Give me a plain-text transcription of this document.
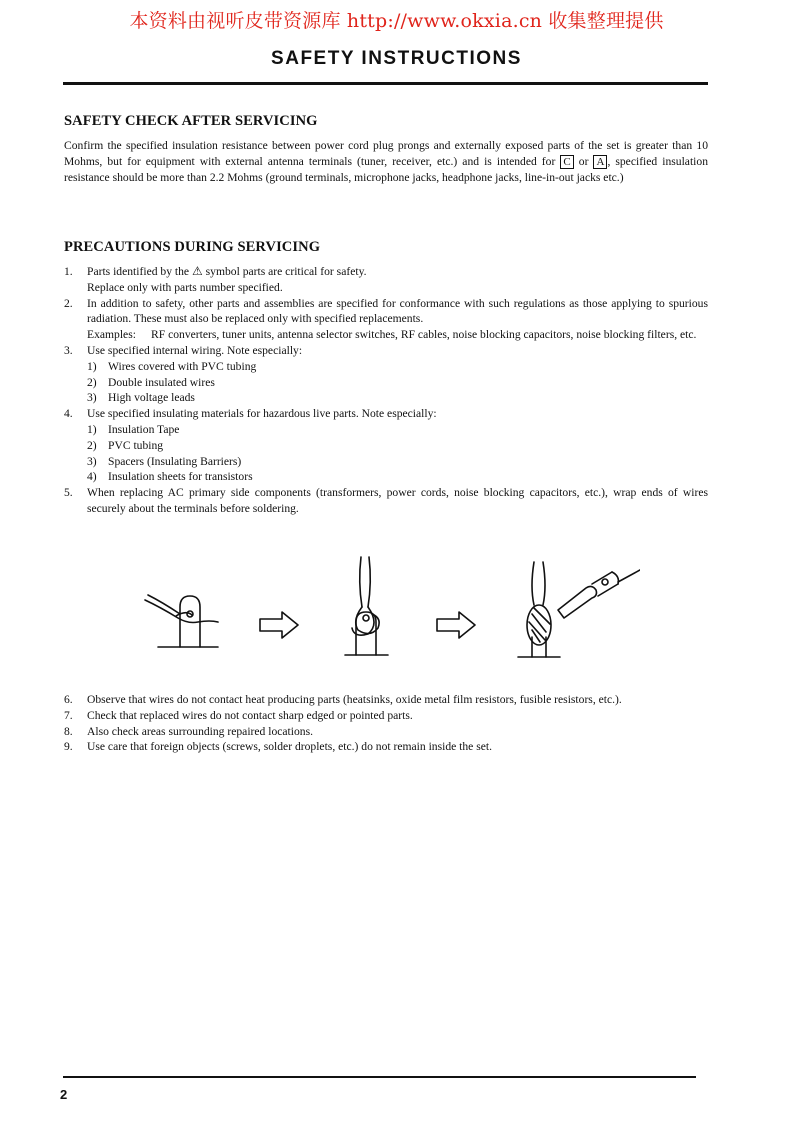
本资料由视听皮带资源库 http://www.okxia.cn 收集整理提供
SAFETY INSTRUCTIONS
SAFETY CHECK AFTER SERVICING
Confirm the specified insulation resistance between power cord plug prongs and externally exposed parts of the set is greater than 10 Mohms, but for equipment with external antenna terminals (tuner, receiver, etc.) and is intended for C or A , specified insulation resistance should be more than 2.2 Mohms (ground terminals, microphone jacks, headphone jacks, line-in-out jacks etc.)
PRECAUTIONS DURING SERVICING
1. Parts identified by the ⚠ symbol parts are critical for safety.
Replace only with parts number specified.
2. In addition to safety, other parts and assemblies are specified for conformance with such regulations as those applying to spurious radiation. These must also be replaced only with specified replacements.
Examples:	RF converters, tuner units, antenna selector switches, RF cables, noise blocking capacitors, noise blocking filters, etc.
3. Use specified internal wiring. Note especially:
1) Wires covered with PVC tubing
2) Double insulated wires
3) High voltage leads
4. Use specified insulating materials for hazardous live parts. Note especially:
1) Insulation Tape
2) PVC tubing
3) Spacers (Insulating Barriers)
4) Insulation sheets for transistors
5. When replacing AC primary side components (transformers, power cords, noise blocking capacitors, etc.), wrap ends of wires securely about the terminals before soldering.
6. Observe that wires do not contact heat producing parts (heatsinks, oxide metal film resistors, fusible resistors, etc.).
7. Check that replaced wires do not contact sharp edged or pointed parts.
8. Also check areas surrounding repaired locations.
9. Use care that foreign objects (screws, solder droplets, etc.) do not remain inside the set.
2
